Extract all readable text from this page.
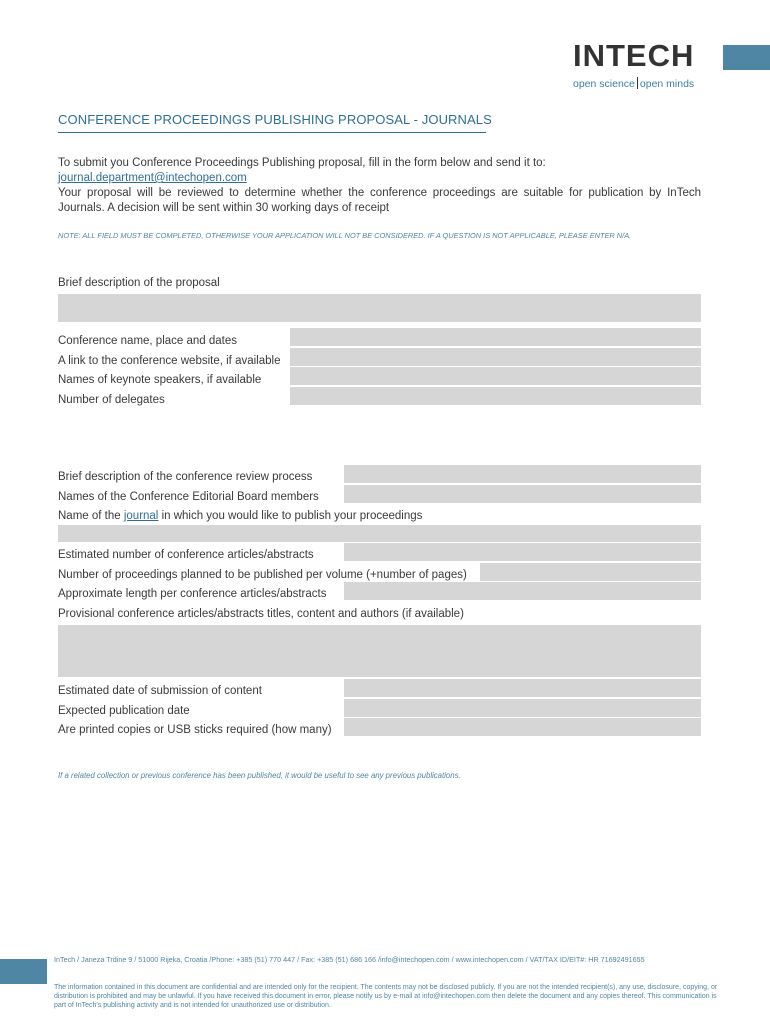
INTECH
open science open minds
CONFERENCE PROCEEDINGS PUBLISHING PROPOSAL - JOURNALS
To submit you Conference Proceedings Publishing proposal, fill in the form below and send it to:
journal.department@intechopen.com
Your proposal will be reviewed to determine whether the conference proceedings are suitable for publication by InTech
Journals. A decision will be sent within 30 working days of receipt
NOTE: ALL FIELD MUST BE COMPLETED, OTHERWISE YOUR APPLICATION WILL NOT BE CONSIDERED. IF A QUESTION IS NOT APPLICABLE, PLEASE ENTER N/A.
Brief description of the proposal
Conference name, place and dates
A link to the conference website, if available
Names of keynote speakers, if available
Number of delegates
Brief description of the conference review process
Names of the Conference Editorial Board members
Name of the journal in which you would like to publish your proceedings
Estimated number of conference articles/abstracts
Number of proceedings planned to be published per volume (+number of pages)
Approximate length per conference articles/abstracts
Provisional conference articles/abstracts titles, content and authors (if available)
Estimated date of submission of content
Expected publication date
Are printed copies or USB sticks required (how many)
If a related collection or previous conference has been published, it would be useful to see any previous publications.
InTech / Janeza Trdine 9 / 51000 Rijeka, Croatia /Phone: +385 (51) 770 447 / Fax: +385 (51) 686 166 /info@intechopen.com / www.intechopen.com / VAT/TAX ID/EIT#: HR 71692491655
The information contained in this document are confidential and are intended only for the recipient. The contents may not be disclosed publicly. If you are not the intended recipient(s), any use, disclosure, copying, or distribution is prohibited and may be unlawful. If you have received this document in error, please notify us by e-mail at info@intechopen.com then delete the document and any copies thereof. This communication is part of InTech's publishing activity and is not intended for unauthorized use or distribution.
